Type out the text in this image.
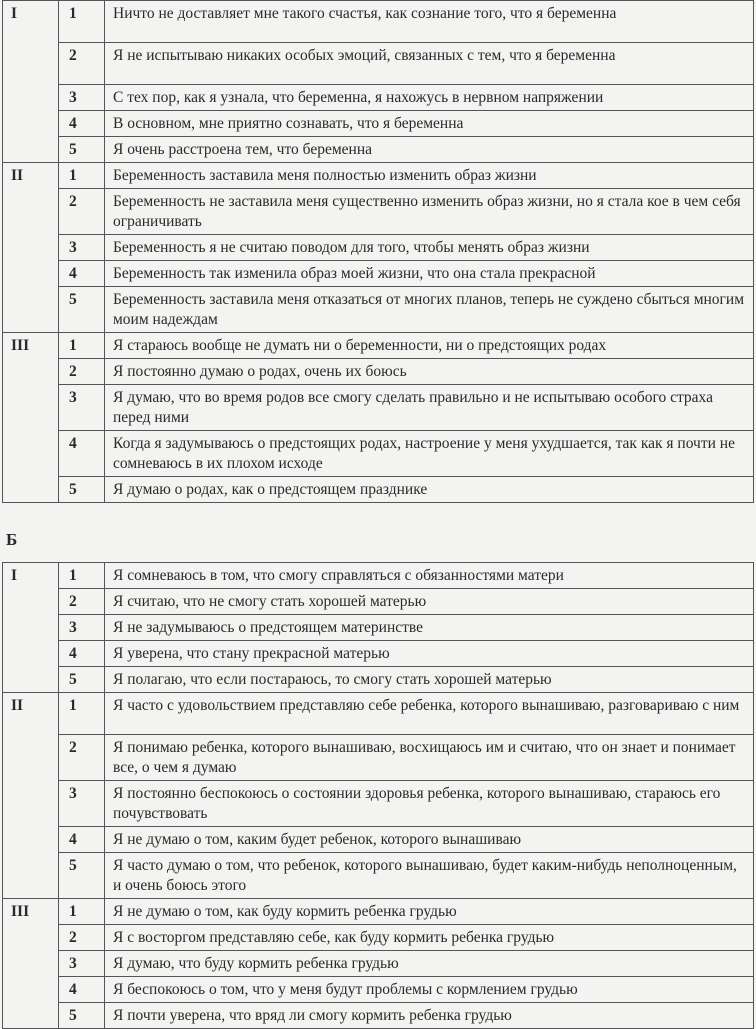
I	1	Ничто не доставляет мне такого счастья, как сознание того, что я беременна
	2	Я не испытываю никаких особых эмоций, связанных с тем, что я беременна
	3	С тех пор, как я узнала, что беременна, я нахожусь в нервном напряжении
	4	В основном, мне приятно сознавать, что я беременна
	5	Я очень расстроена тем, что беременна
II	1	Беременность заставила меня полностью изменить образ жизни
	2	Беременность не заставила меня существенно изменить образ жизни, но я стала кое в чем себя ограничивать
	3	Беременность я не считаю поводом для того, чтобы менять образ жизни
	4	Беременность так изменила образ моей жизни, что она стала прекрасной
	5	Беременность заставила меня отказаться от многих планов, теперь не суждено сбыться многим моим надеждам
III	1	Я стараюсь вообще не думать ни о беременности, ни о предстоящих родах
	2	Я постоянно думаю о родах, очень их боюсь
	3	Я думаю, что во время родов все смогу сделать правильно и не испытываю особого страха перед ними
	4	Когда я задумываюсь о предстоящих родах, настроение у меня ухудшается, так как я почти не сомневаюсь в их плохом исходе
	5	Я думаю о родах, как о предстоящем празднике
Б
I	1	Я сомневаюсь в том, что смогу справляться с обязанностями матери
	2	Я считаю, что не смогу стать хорошей матерью
	3	Я не задумываюсь о предстоящем материнстве
	4	Я уверена, что стану прекрасной матерью
	5	Я полагаю, что если постараюсь, то смогу стать хорошей матерью
II	1	Я часто с удовольствием представляю себе ребенка, которого вынашиваю, разговариваю с ним
	2	Я понимаю ребенка, которого вынашиваю, восхищаюсь им и считаю, что он знает и понимает все, о чем я думаю
	3	Я постоянно беспокоюсь о состоянии здоровья ребенка, которого вынашиваю, стараюсь его почувствовать
	4	Я не думаю о том, каким будет ребенок, которого вынашиваю
	5	Я часто думаю о том, что ребенок, которого вынашиваю, будет каким-нибудь неполноценным, и очень боюсь этого
III	1	Я не думаю о том, как буду кормить ребенка грудью
	2	Я с восторгом представляю себе, как буду кормить ребенка грудью
	3	Я думаю, что буду кормить ребенка грудью
	4	Я беспокоюсь о том, что у меня будут проблемы с кормлением грудью
	5	Я почти уверена, что вряд ли смогу кормить ребенка грудью
